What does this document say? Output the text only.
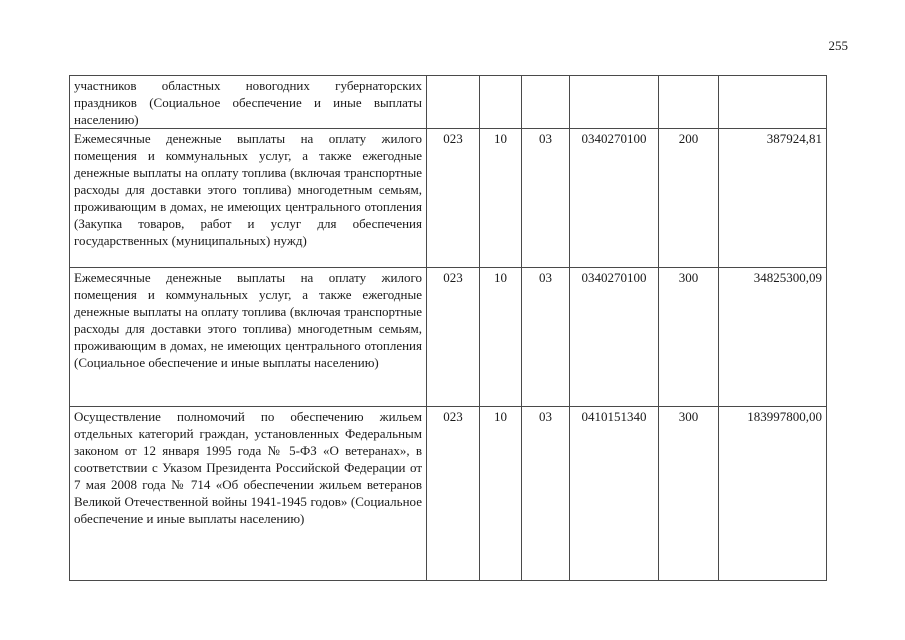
255
участников областных новогодних губернаторских праздников (Социальное обеспечение и иные выплаты населению)						
Ежемесячные денежные выплаты на оплату жилого помещения и коммунальных услуг, а также ежегодные денежные выплаты на оплату топлива (включая транспортные расходы для доставки этого топлива) многодетным семьям, проживающим в домах, не имеющих центрального отопления (Закупка товаров, работ и услуг для обеспечения государственных (муниципальных) нужд)	023	10	03	0340270100	200	387924,81
Ежемесячные денежные выплаты на оплату жилого помещения и коммунальных услуг, а также ежегодные денежные выплаты на оплату топлива (включая транспортные расходы для доставки этого топлива) многодетным семьям, проживающим в домах, не имеющих центрального отопления (Социальное обеспечение и иные выплаты населению)	023	10	03	0340270100	300	34825300,09
Осуществление полномочий по обеспечению жильем отдельных категорий граждан, установленных Федеральным законом от 12 января 1995 года № 5-ФЗ «О ветеранах», в соответствии с Указом Президента Российской Федерации от 7 мая 2008 года № 714 «Об обеспечении жильем ветеранов Великой Отечественной войны 1941-1945 годов» (Социальное обеспечение и иные выплаты населению)	023	10	03	0410151340	300	183997800,00
